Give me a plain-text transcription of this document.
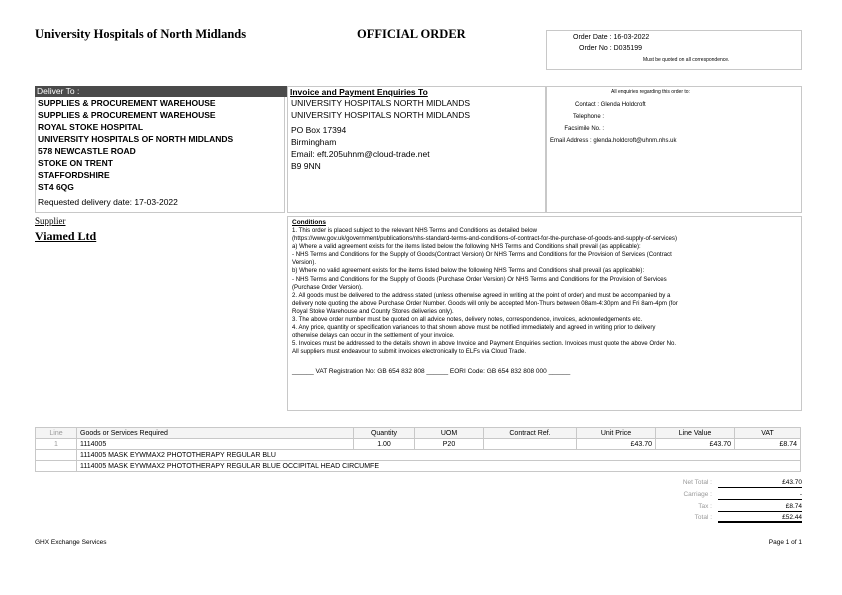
University Hospitals of North Midlands	OFFICIAL ORDER	Order Date : 16-03-2022
Order No : D035199
Must be quoted on all correspondence.
Deliver To :
SUPPLIES & PROCUREMENT WAREHOUSE
SUPPLIES & PROCUREMENT WAREHOUSE
ROYAL STOKE HOSPITAL
UNIVERSITY HOSPITALS OF NORTH MIDLANDS
578 NEWCASTLE ROAD
STOKE ON TRENT
STAFFORDSHIRE
ST4 6QG
Requested delivery date: 17-03-2022
Invoice and Payment Enquiries To
UNIVERSITY HOSPITALS NORTH MIDLANDS
UNIVERSITY HOSPITALS NORTH MIDLANDS
PO Box 17394
Birmingham
Email: eft.205uhnm@cloud-trade.net
B9 9NN
All enquiries regarding this order to:
Contact : Glenda Holdcroft
Telephone :
Facsimile No. :
Email Address : glenda.holdcroft@uhnm.nhs.uk
Supplier
Viamed Ltd
Conditions

1. This order is placed subject to the relevant NHS Terms and Conditions as detailed below

(https://www.gov.uk/government/publications/nhs-standard-terms-and-conditions-of-contract-for-the-purchase-of-goods-and-supply-of-services)

a) Where a valid agreement exists for the items listed below the following NHS Terms and Conditions shall prevail (as applicable):

- NHS Terms and Conditions for the Supply of Goods(Contract Version) Or NHS Terms and Conditions for the Provision of Services (Contract

Version).

b) Where no valid agreement exists for the items listed below the following NHS Terms and Conditions shall prevail (as applicable):

- NHS Terms and Conditions for the Supply of Goods (Purchase Order Version) Or NHS Terms and Conditions for the Provision of Services

(Purchase Order Version).

2. All goods must be delivered to the address stated (unless otherwise agreed in writing at the point of order) and must be accompanied by a

delivery note quoting the above Purchase Order Number. Goods will only be accepted Mon-Thurs between 08am-4:30pm and Fri 8am-4pm (for

Royal Stoke Warehouse and County Stores deliveries only).

3. The above order number must be quoted on all advice notes, delivery notes, correspondence, invoices, acknowledgements etc.

4. Any price, quantity or specification variances to that shown above must be notified immediately and agreed in writing prior to delivery

otherwise delays can occur in the settlement of your invoice.

5. Invoices must be addressed to the details shown in above Invoice and Payment Enquiries section. Invoices must quote the above Order No.

All suppliers must endeavour to submit invoices electronically to ELFs via Cloud Trade.

______ VAT Registration No: GB 654 832 808 ______ EORI Code: GB 654 832 808 000 ______

Line	Goods or Services Required	Quantity	UOM	Contract Ref.	Unit Price	Line Value	VAT
1	1114005	1.00	P20		£43.70	£43.70	£8.74
	1114005 MASK EYWMAX2 PHOTOTHERAPY REGULAR BLU						
	1114005 MASK EYWMAX2 PHOTOTHERAPY REGULAR BLUE OCCIPITAL HEAD CIRCUMFE						
Net Total :	£43.70
Carriage :	-
Tax :	£8.74
Total :	£52.44
GHX Exchange Services	Page 1 of 1
